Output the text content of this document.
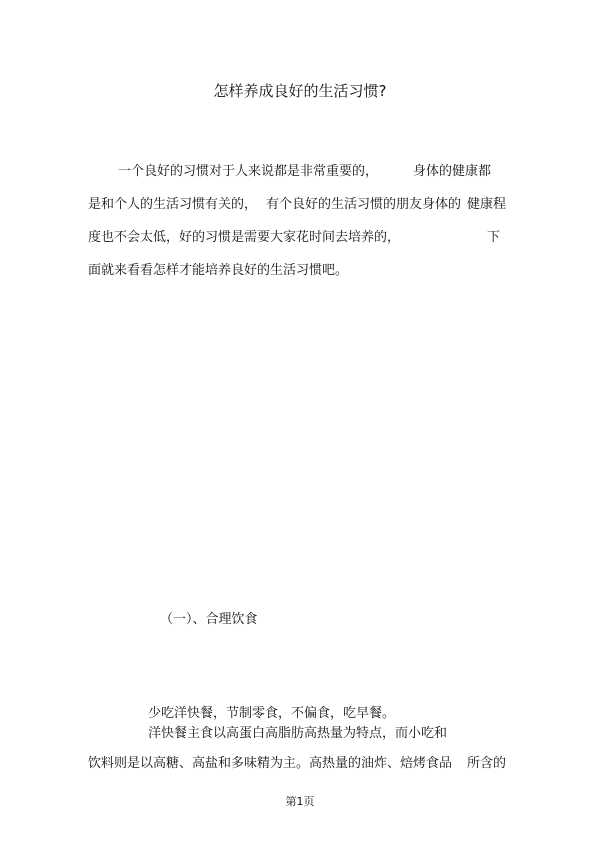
怎样养成良好的生活习惯?
一个良好的习惯对于人来说都是非常重要的，	身体的健康都
是和个人的生活习惯有关的， 有个良好的生活习惯的朋友身体的 健康程
度也不会太低，好的习惯是需要大家花时间去培养的，	下
面就来看看怎样才能培养良好的生活习惯吧。
（一）、合理饮食
少吃洋快餐，节制零食，不偏食，吃早餐。
洋快餐主食以高蛋白高脂肪高热量为特点，而小吃和
饮料则是以高糖、高盐和多味精为主。高热量的油炸、焙烤食品 所含的
第1页
